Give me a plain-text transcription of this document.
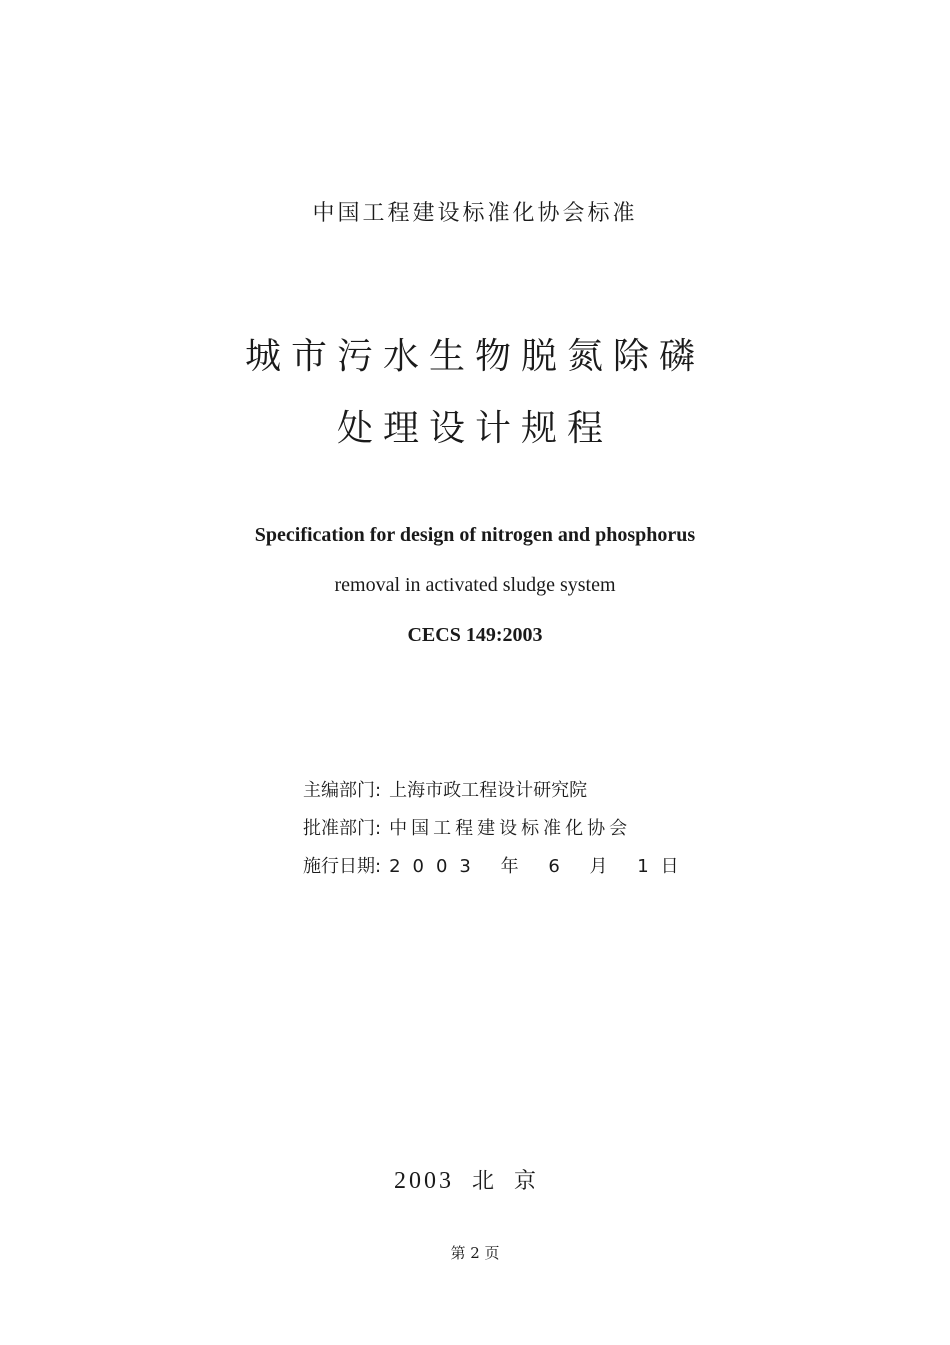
中国工程建设标准化协会标准
城市污水生物脱氮除磷
处理设计规程
Specification for design of nitrogen and phosphorus
removal in activated sludge system
CECS 149:2003
主编部门: 上海市政工程设计研究院
批准部门: 中国工程建设标准化协会
施行日期: 2003 年 6 月 1日
2003 北京
第 2 页
